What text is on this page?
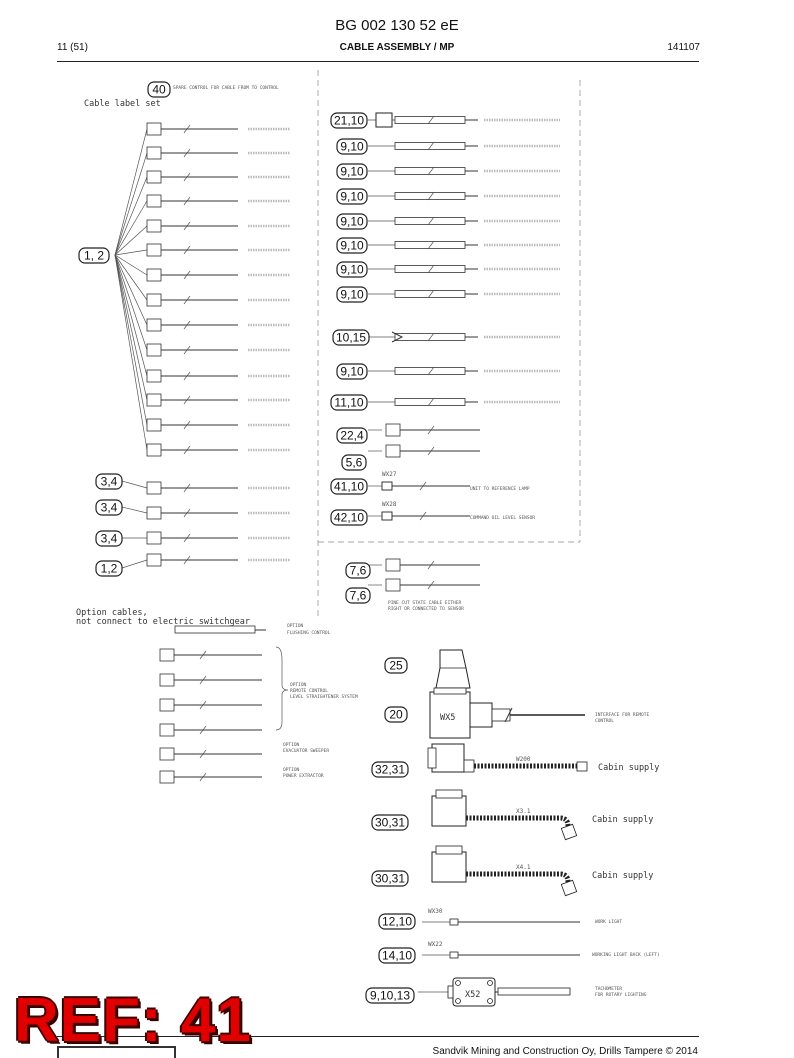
BG 002 130 52 eE
11 (51)	CABLE ASSEMBLY / MP	141107
OPTION
FLUSHING CONTROL
OPTION
REMOTE CONTROL
LEVEL STRAIGHTENER SYSTEM
OPTION
EVACUATOR SWEEPER
OPTION
POWER EXTRACTOR
INTERFACE FOR REMOTE
CONTROL
WORK LIGHT
WORKING LIGHT BACK (LEFT)
TACHOMETER
FOR ROTARY LIGHTING
SPARE CONTROL FOR CABLE FROM TO CONTROL
PINE CUT STATE CABLE EITHER
RIGHT OR CONNECTED TO SENSOR
UNIT TO REFERENCE LAMP
COMMAND OIL LEVEL SENSOR
Cable label set
Option cables,
not connect to electric switchgear
WX5
W200
X3.1
X4.1
WX30
WX22
X52
WX27
WX28
Cabin supply
Cabin supply
Cabin supply
40
1, 2
3,4
3,4
3,4
1,2
21,10
9,10
9,10
9,10
9,10
9,10
9,10
9,10
10,15
9,10
11,10
22,4
5,6
41,10
42,10
7,6
7,6
25
20
32,31
30,31
30,31
12,10
14,10
9,10,13
Sandvik Mining and Construction Oy, Drills Tampere © 2014
REF: 41
